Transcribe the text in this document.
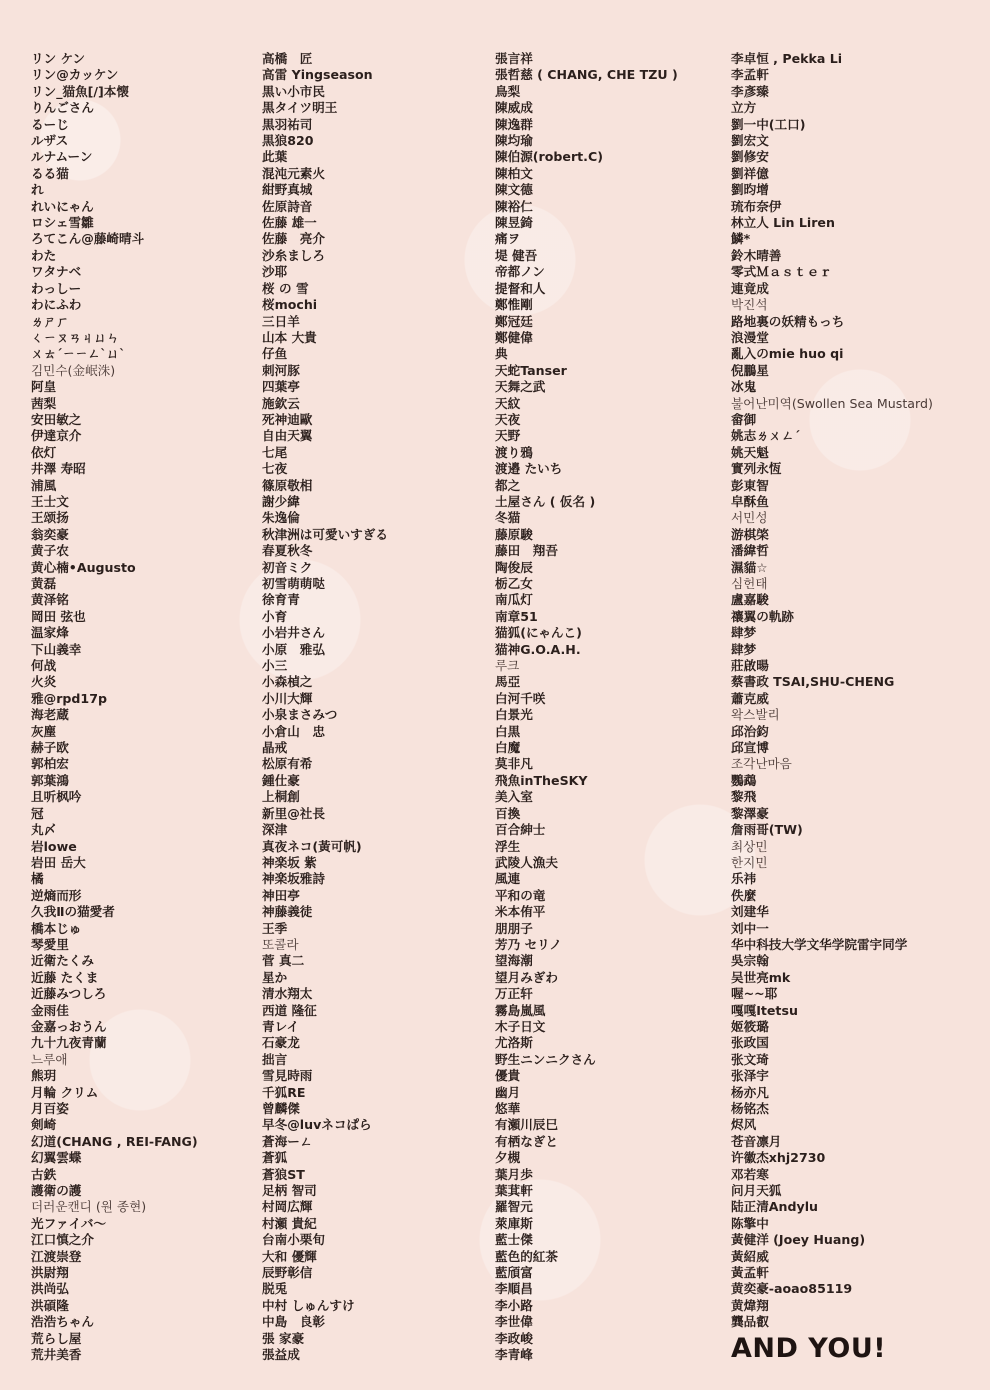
リン ケン
リン@カッケン
リン_猫魚[/]本懐
りんごさん
るーじ
ルザス
ルナムーン
るる猫
れ
れいにゃん
ロシェ雪雛
ろてこん@藤崎晴斗
わた
ワタナベ
わっしー
わにふわ
ㄌㄕㄏ
ㄑㄧㄡㄢㄐㄩㄣ
ㄨㄊˊㄧㄧㄥˋㄩˋ
김민수(金岷洙)
阿皇
茜梨
安田敏之
伊達京介
依灯
井澤 寿昭
浦風
王士文
王颂扬
翁奕豪
黄子农
黄心楠•Augusto
黄磊
黄泽铭
岡田 弦也
温家烽
下山義幸
何战
火炎
雅@rpd17p
海老蔵
灰塵
赫子欧
郭柏宏
郭葉鴻
且听枫吟
冠
丸〆
岩lowe
岩田 岳大
橘
逆熵而形
久我Ⅱの猫愛者
橋本じゅ
琴愛里
近衛たくみ
近藤 たくま
近藤みつしろ
金雨佳
金嘉っおうん
九十九夜青蘭
느루애
熊玥
月輪 クリム
月百姿
剣崎
幻道(CHANG , REI-FANG)
幻翼雲蝶
古鉄
護衛の護
더러운캔디 (원 종현)
光ファイバ～
江口慎之介
江渡崇登
洪尉翔
洪尚弘
洪碩隆
浩浩ちゃん
荒らし屋
荒井美香
高橋　匠
高雷 Yingseason
黒い小市民
黒タイツ明王
黒羽祐司
黒狼820
此葉
混沌元素火
紺野真城
佐原詩音
佐藤 雄一
佐藤　亮介
沙糸ましろ
沙耶
桜 の 雪
桜mochi
三日羊
山本 大貴
仔鱼
刺河豚
四葉亭
施欽云
死神迪歐
自由天翼
七尾
七夜
篠原敬相
謝少緯
朱逸倫
秋津洲は可愛いすぎる
春夏秋冬
初音ミク
初雪萌萌哒
徐育青
小育
小岩井さん
小原　雅弘
小三
小森楨之
小川大輝
小泉まさみつ
小倉山　忠
晶戒
松原有希
鍾仕豪
上桐創
新里@社長
深津
真夜ネコ(黃可帆)
神楽坂 紫
神楽坂雅詩
神田亭
神藤義徒
王季
또콜라
菅 真二
星か
清水翔太
西道 隆征
青レイ
石豪龙
拙言
雪見時雨
千狐RE
曾麟傑
早冬@luvネコぱら
蒼海ーㄥ
蒼狐
蒼狼ST
足柄 智司
村岡広輝
村瀬 貴紀
台南小栗旬
大和 優輝
辰野彰信
脱兎
中村 しゅんすけ
中島　良彰
張 家豪
張益成
張言祥
張哲慈 ( CHANG, CHE TZU )
鳥梨
陳威成
陳逸群
陳均瑜
陳伯源(robert.C)
陳柏文
陳文德
陳裕仁
陳昱錡
痛ヲ
堤 健吾
帝都ノン
提督和人
鄭惟剛
鄭冠廷
鄭健偉
典
天蛇Tanser
天舞之武
天紋
天夜
天野
渡り鴉
渡邉 たいち
都之
土屋さん ( 仮名 )
冬猫
藤原駿
藤田　翔吾
陶俊辰
栃乙女
南瓜灯
南章51
猫狐(にゃんこ)
猫神G.O.A.H.
루크
馬亞
白河千咲
白景光
白黒
白魔
莫非凡
飛魚inTheSKY
美入室
百換
百合紳士
浮生
武陵人漁夫
風連
平和の竜
米本侑平
朋朋子
芳乃 セリノ
望海潮
望月みぎわ
万正轩
霧島嵐風
木子日文
尤洛斯
野生ニンニクさん
優貴
幽月
悠華
有瀬川辰巳
有栖なぎと
夕槻
葉月歩
葉萁軒
羅智元
萊庫斯
藍士傑
藍色的紅茶
藍頎富
李順昌
李小路
李世偉
李政峻
李青峰
李卓恒 , Pekka Li
李孟軒
李彥臻
立方
劉一中(工口)
劉宏文
劉修安
劉祥億
劉昀增
琉布奈伊
林立人 Lin Liren
鱗*
鈴木晴善
零式Ｍａｓｔｅｒ
連竟成
박진석
路地裏の妖精もっち
浪漫堂
亂入のmie huo qi
倪鵬星
冰鬼
불어난미역(Swollen Sea Mustard)
畲御
姚志ㄌㄨㄥˊ
姚天魁
實列永恆
彭東智
皁酥鱼
서민성
游棋棨
潘緯哲
濕貓☆
심헌태
盧嘉駿
禳翼の軌跡
肆梦
肆梦
莊啟暘
蔡書政 TSAI,SHU-CHENG
蕭克威
왁스발리
邱治鈞
邱宣博
조각난마음
鸚鵡
黎飛
黎澤豪
詹雨哥(TW)
최상민
한지민
乐祎
佚麼
刘建华
刘中一
华中科技大学文华学院雷宇同学
吳宗翰
吴世亮mk
喔~~耶
嘎嘎Itetsu
姬筱璐
张政国
张文琦
张泽宇
杨亦凡
杨铭杰
烬风
苍音凛月
许徽杰xhj2730
邓若寒
问月天狐
陆正清Andylu
陈擎中
黃健洋 (Joey Huang)
黃紹威
黃孟軒
黄奕豪-aoao85119
黄煒翔
龔品叡
AND YOU!
